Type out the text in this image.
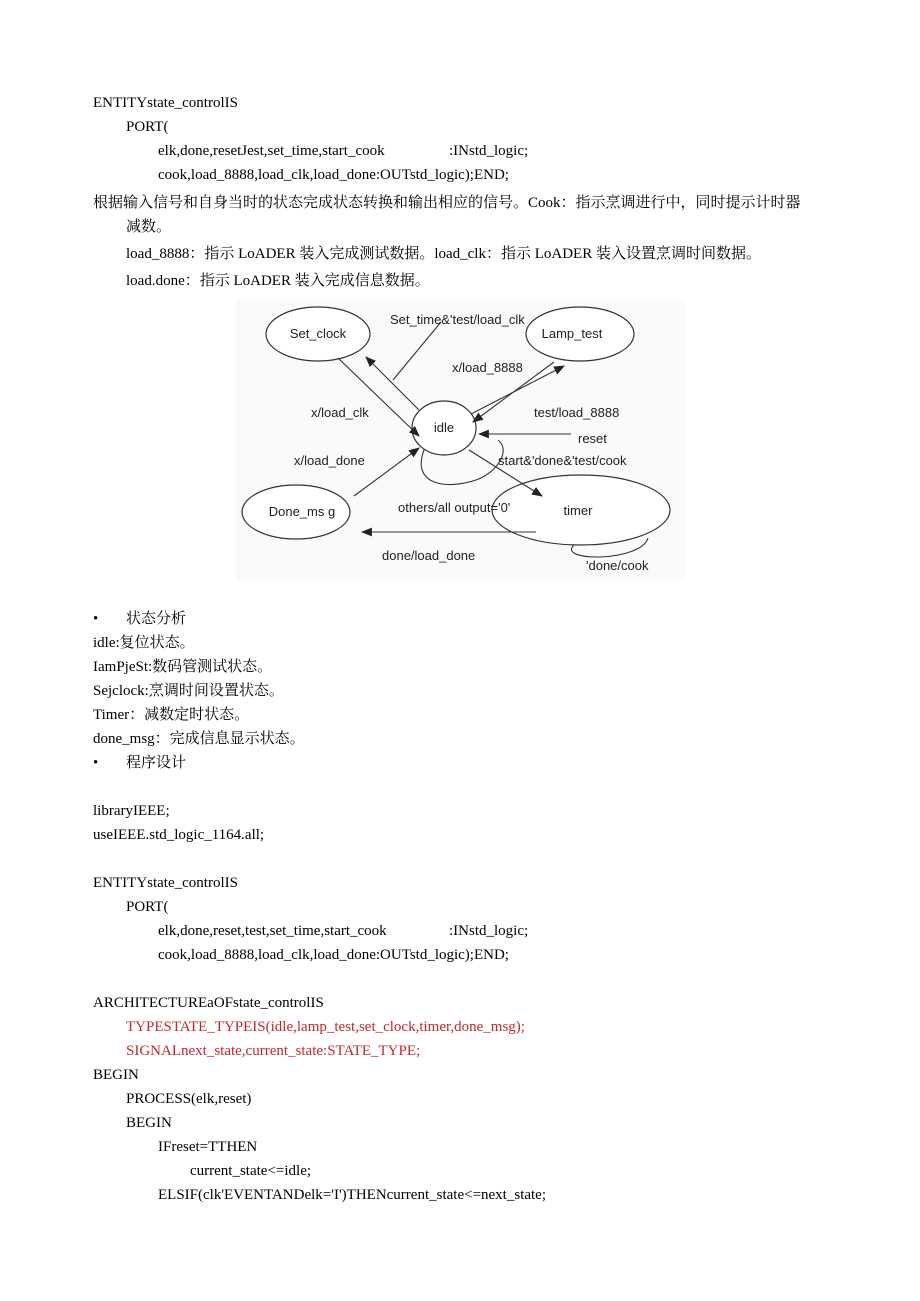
ENTITYstate_controlIS
PORT(
elk,done,resetJest,set_time,start_cook	:INstd_logic;
cook,load_8888,load_clk,load_done:OUTstd_logic);END;
根据输入信号和自身当时的状态完成状态转换和输出相应的信号。Cook：指示烹调进行中，同时提示计时器
减数。
load_8888：指示 LoADER 装入完成测试数据。load_clk：指示 LoADER 装入设置烹调时间数据。
load.done：指示 LoADER 装入完成信息数据。
Set_clock	Lamp_test
idle
Done_ms g	timer
Set_time&'test/load_clk
x/load_8888
x/load_clk	test/load_8888
reset
x/load_done	start&'done&'test/cook
others/all output='0'
done/load_done
'done/cook
• 状态分析
idle:复位状态。
IamPjeSt:数码管测试状态。
Sejclock:烹调时间设置状态。
Timer：减数定时状态。
done_msg：完成信息显示状态。
• 程序设计
libraryIEEE;
useIEEE.std_logic_1164.all;
ENTITYstate_controlIS
PORT(
elk,done,reset,test,set_time,start_cook	:INstd_logic;
cook,load_8888,load_clk,load_done:OUTstd_logic);END;
ARCHITECTUREaOFstate_controlIS
TYPESTATE_TYPEIS(idle,lamp_test,set_clock,timer,done_msg);
SIGNALnext_state,current_state:STATE_TYPE;
BEGIN
PROCESS(elk,reset)
BEGIN
IFreset=TTHEN
current_state<=idle;
ELSIF(clk'EVENTANDelk='I')THENcurrent_state<=next_state;
